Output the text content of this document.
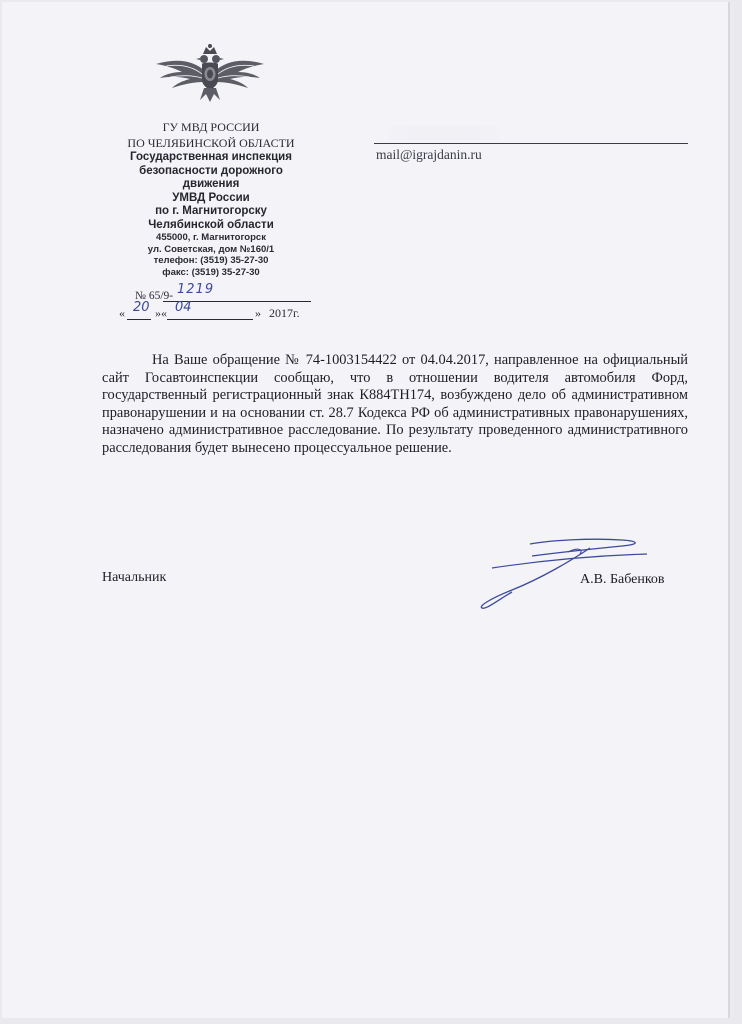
ГУ МВД РОССИИ
ПО ЧЕЛЯБИНСКОЙ ОБЛАСТИ
Государственная инспекция
безопасности дорожного
движения
УМВД России
по г. Магнитогорску
Челябинской области
455000, г. Магнитогорск
ул. Советская, дом №160/1
телефон: (3519) 35-27-30
факс: (3519) 35-27-30
№ 65/9- 1219
« 20 »« 04	» 2017г.
mail@igrajdanin.ru
На Ваше обращение № 74-1003154422 от 04.04.2017, направленное на официальный сайт Госавтоинспекции сообщаю, что в отношении водителя автомобиля Форд, государственный регистрационный знак К884ТН174, возбуждено дело об административном правонарушении и на основании ст. 28.7 Кодекса РФ об административных правонарушениях, назначено административное расследование. По результату проведенного административного расследования будет вынесено процессуальное решение.
Начальник	А.В. Бабенков
